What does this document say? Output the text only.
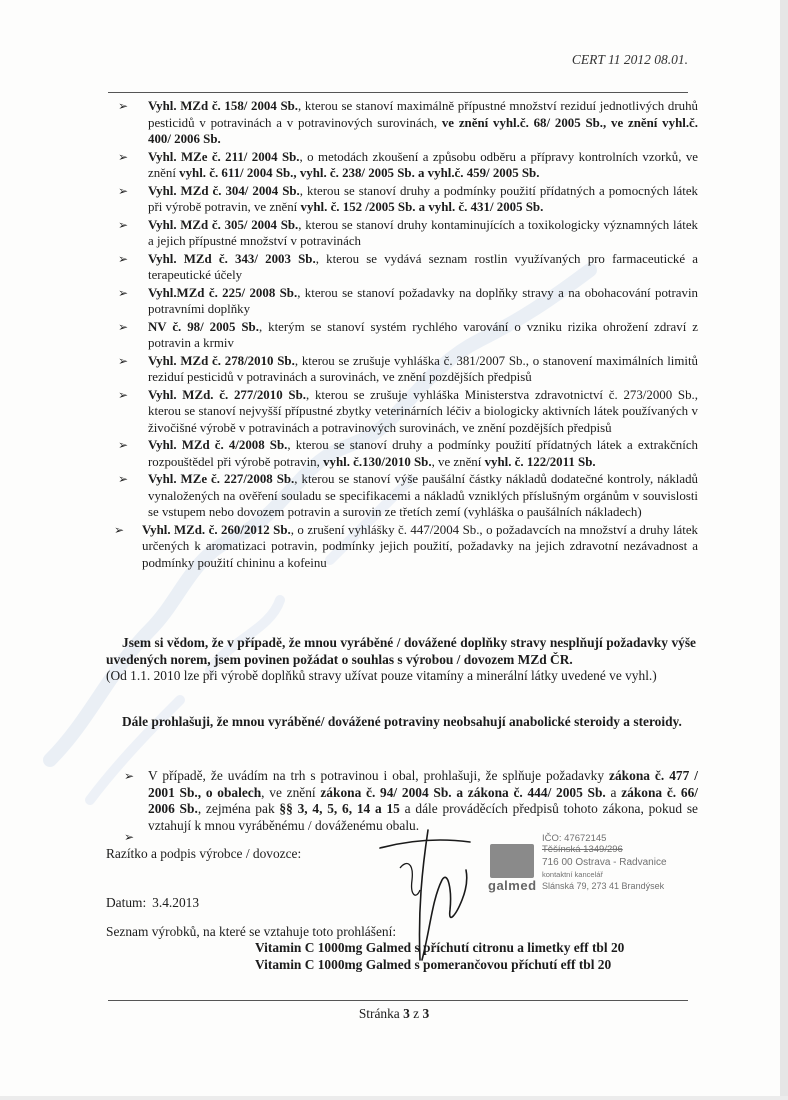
CERT 11 2012 08.01.
➢ Vyhl. MZd č. 158/ 2004 Sb., kterou se stanoví maximálně přípustné množství reziduí jednotlivých druhů pesticidů v potravinách a v potravinových surovinách, ve znění vyhl.č. 68/ 2005 Sb., ve znění vyhl.č. 400/ 2006 Sb.
➢ Vyhl. MZe č. 211/ 2004 Sb., o metodách zkoušení a způsobu odběru a přípravy kontrolních vzorků, ve znění vyhl. č. 611/ 2004 Sb., vyhl. č. 238/ 2005 Sb. a vyhl.č. 459/ 2005 Sb.
➢ Vyhl. MZd č. 304/ 2004 Sb., kterou se stanoví druhy a podmínky použití přídatných a pomocných látek při výrobě potravin, ve znění vyhl. č. 152 /2005 Sb. a vyhl. č. 431/ 2005 Sb.
➢ Vyhl. MZd č. 305/ 2004 Sb., kterou se stanoví druhy kontaminujících a toxikologicky významných látek a jejich přípustné množství v potravinách
➢ Vyhl. MZd č. 343/ 2003 Sb., kterou se vydává seznam rostlin využívaných pro farmaceutické a terapeutické účely
➢ Vyhl.MZd č. 225/ 2008 Sb., kterou se stanoví požadavky na doplňky stravy a na obohacování potravin potravními doplňky
➢ NV č. 98/ 2005 Sb., kterým se stanoví systém rychlého varování o vzniku rizika ohrožení zdraví z potravin a krmiv
➢ Vyhl. MZd č. 278/2010 Sb., kterou se zrušuje vyhláška č. 381/2007 Sb., o stanovení maximálních limitů reziduí pesticidů v potravinách a surovinách, ve znění pozdějších předpisů
➢ Vyhl. MZd. č. 277/2010 Sb., kterou se zrušuje vyhláška Ministerstva zdravotnictví č. 273/2000 Sb., kterou se stanoví nejvyšší přípustné zbytky veterinárních léčiv a biologicky aktivních látek používaných v živočišné výrobě v potravinách a potravinových surovinách, ve znění pozdějších předpisů
➢ Vyhl. MZd č. 4/2008 Sb., kterou se stanoví druhy a podmínky použití přídatných látek a extrakčních rozpouštědel při výrobě potravin, vyhl. č.130/2010 Sb., ve znění vyhl. č. 122/2011 Sb.
➢ Vyhl. MZe č. 227/2008 Sb., kterou se stanoví výše paušální částky nákladů dodatečné kontroly, nákladů vynaložených na ověření souladu se specifikacemi a nákladů vzniklých příslušným orgánům v souvislosti se vstupem nebo dovozem potravin a surovin ze třetích zemí (vyhláška o paušálních nákladech)
➢ Vyhl. MZd. č. 260/2012 Sb., o zrušení vyhlášky č. 447/2004 Sb., o požadavcích na množství a druhy látek určených k aromatizaci potravin, podmínky jejich použití, požadavky na jejich zdravotní nezávadnost a podmínky použití chininu a kofeinu
Jsem si vědom, že v případě, že mnou vyráběné / dovážené doplňky stravy nesplňují požadavky výše uvedených norem, jsem povinen požádat o souhlas s výrobou / dovozem MZd ČR.
(Od 1.1. 2010 lze při výrobě doplňků stravy užívat pouze vitamíny a minerální látky uvedené ve vyhl.)
Dále prohlašuji, že mnou vyráběné/ dovážené potraviny neobsahují anabolické steroidy a steroidy.
➢ V případě, že uvádím na trh s potravinou i obal, prohlašuji, že splňuje požadavky zákona č. 477 / 2001 Sb., o obalech, ve znění zákona č. 94/ 2004 Sb. a zákona č. 444/ 2005 Sb. a zákona č. 66/ 2006 Sb., zejména pak §§ 3, 4, 5, 6, 14 a 15 a dále prováděcích předpisů tohoto zákona, pokud se vztahují k mnou vyráběnému / dováženému obalu.
➢
Razítko a podpis výrobce / dovozce:
Datum: 3.4.2013
Seznam výrobků, na které se vztahuje toto prohlášení:
Vitamin C 1000mg Galmed s příchutí citronu a limetky eff tbl 20
Vitamin C 1000mg Galmed s pomerančovou příchutí eff tbl 20
galmed
IČO: 47672145
Těšínská 1349/296
716 00 Ostrava - Radvanice
kontaktní kancelář
Slánská 79, 273 41 Brandýsek
Stránka 3 z 3
